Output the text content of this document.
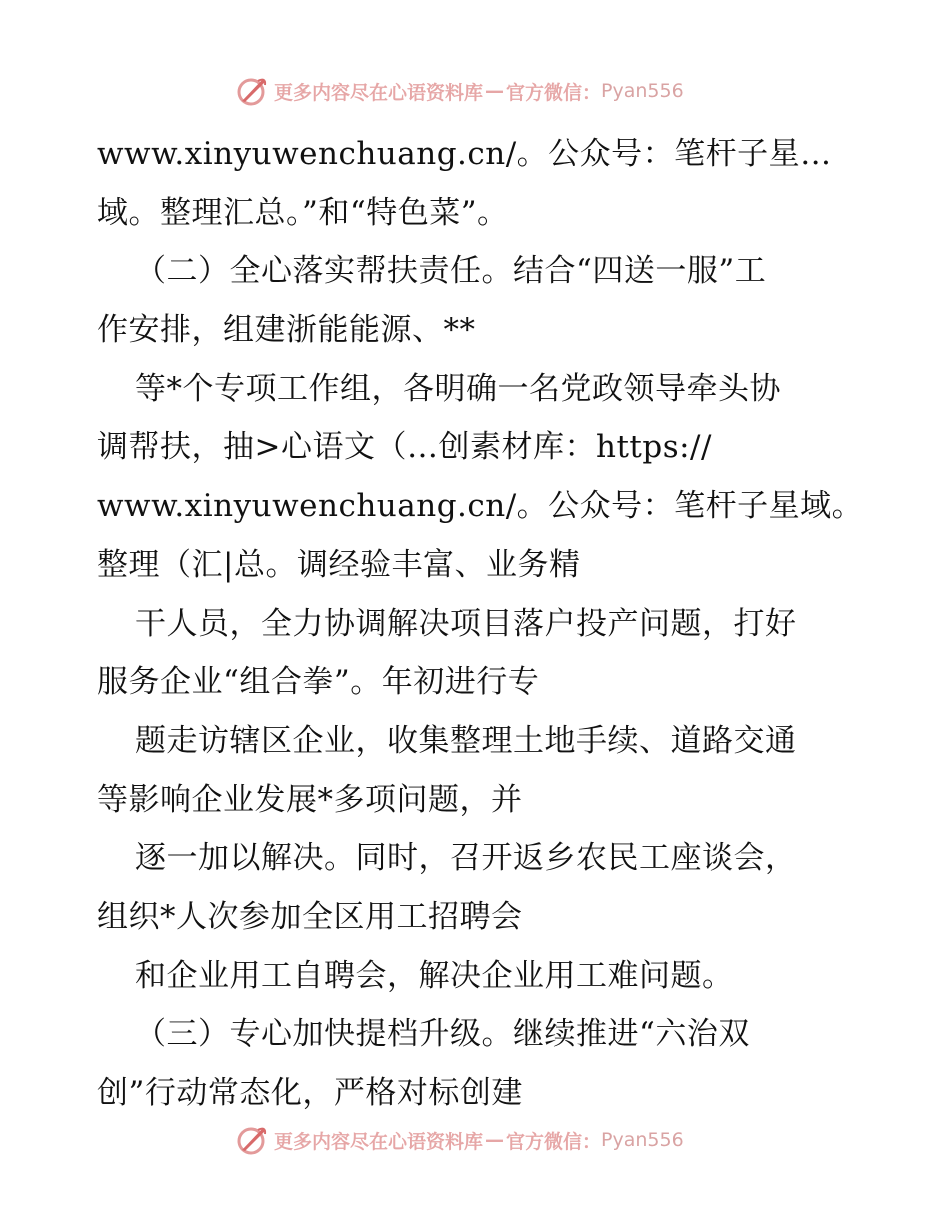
更多内容尽在心语资料库 — 官方微信： Pyan556
www.xinyuwenchuang.cn/。公众号：笔杆子星…
域。整理汇总。”和“特色菜”。
（二）全心落实帮扶责任。结合“四送一服”工
作安排，组建浙能能源、**
等*个专项工作组，各明确一名党政领导牵头协
调帮扶，抽>心语文（…创素材库：https://
www.xinyuwenchuang.cn/。公众号：笔杆子星域。
整理（汇|总。调经验丰富、业务精
干人员，全力协调解决项目落户投产问题，打好
服务企业“组合拳”。年初进行专
题走访辖区企业，收集整理土地手续、道路交通
等影响企业发展*多项问题，并
逐一加以解决。同时，召开返乡农民工座谈会，
组织*人次参加全区用工招聘会
和企业用工自聘会，解决企业用工难问题。
（三）专心加快提档升级。继续推进“六治双
创”行动常态化，严格对标创建
更多内容尽在心语资料库 — 官方微信： Pyan556
